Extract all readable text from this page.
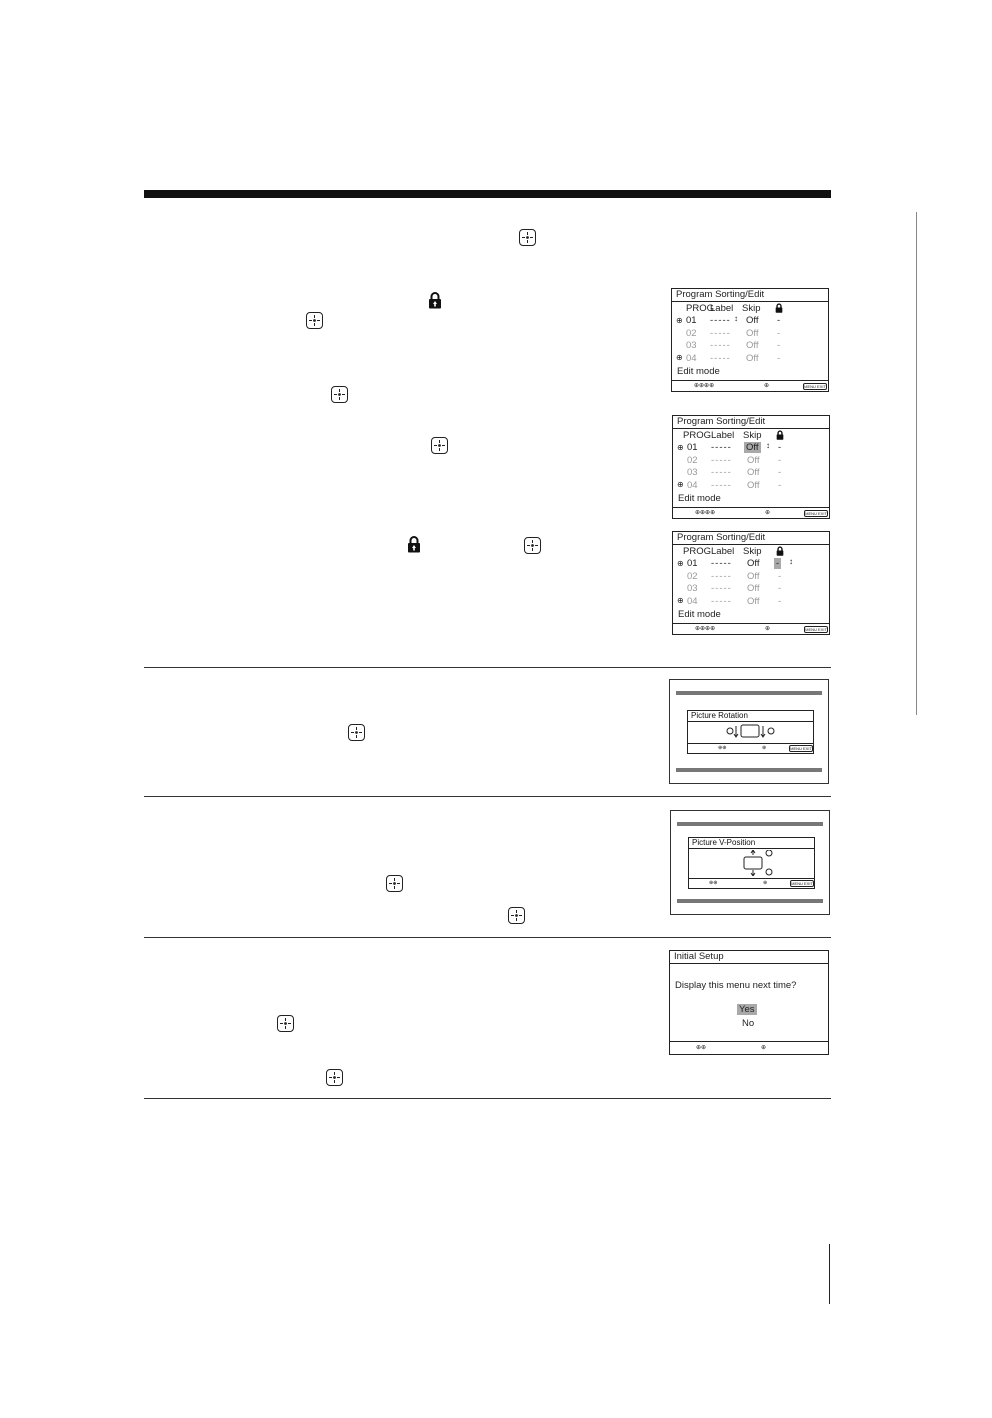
Program Sorting/Edit
PROG
Label Skip
⊕ 01 ----- ↕ Off -
02 ----- Off -
03 ----- Off -
⊕ 04 ----- Off -
Edit mode
⊕⊕⊕⊕	⊕	MENU EXIT
Program Sorting/Edit
PROG Label Skip
⊕ 01 ----- Off ↕ -
02 ----- Off -
03 ----- Off -
⊕ 04 ----- Off -
Edit mode
⊕⊕⊕⊕	⊕	MENU EXIT
Program Sorting/Edit
PROG Label Skip
⊕ 01 ----- Off - ↕
02 ----- Off -
03 ----- Off -
⊕ 04 ----- Off -
Edit mode
⊕⊕⊕⊕	⊕	MENU EXIT
Picture Rotation
⊕⊕	⊕	MENU EXIT
Picture V-Position
⊕⊕	⊕	MENU EXIT
Initial Setup
Display this menu next time?
Yes
No
⊕⊕	⊕
